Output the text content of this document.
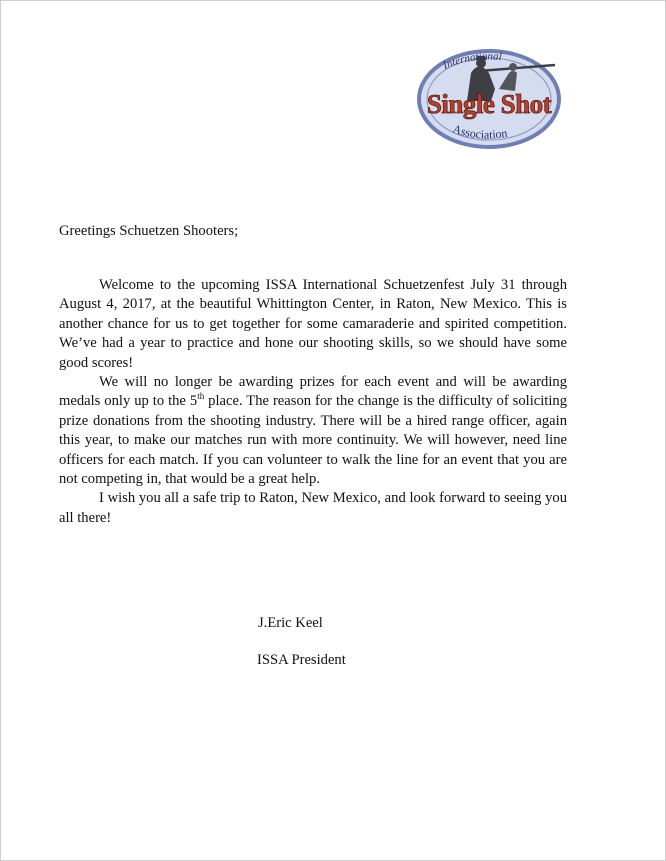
International
Single Shot
Association

Greetings Schuetzen Shooters;

Welcome to the upcoming ISSA International Schuetzenfest July 31 through August 4, 2017, at the beautiful Whittington Center, in Raton, New Mexico. This is another chance for us to get together for some camaraderie and spirited competition. We’ve had a year to practice and hone our shooting skills, so we should have some good scores!

We will no longer be awarding prizes for each event and will be awarding medals only up to the 5th place. The reason for the change is the difficulty of soliciting prize donations from the shooting industry. There will be a hired range officer, again this year, to make our matches run with more continuity. We will however, need line officers for each match. If you can volunteer to walk the line for an event that you are not competing in, that would be a great help.

I wish you all a safe trip to Raton, New Mexico, and look forward to seeing you all there!

J.Eric Keel

ISSA President
